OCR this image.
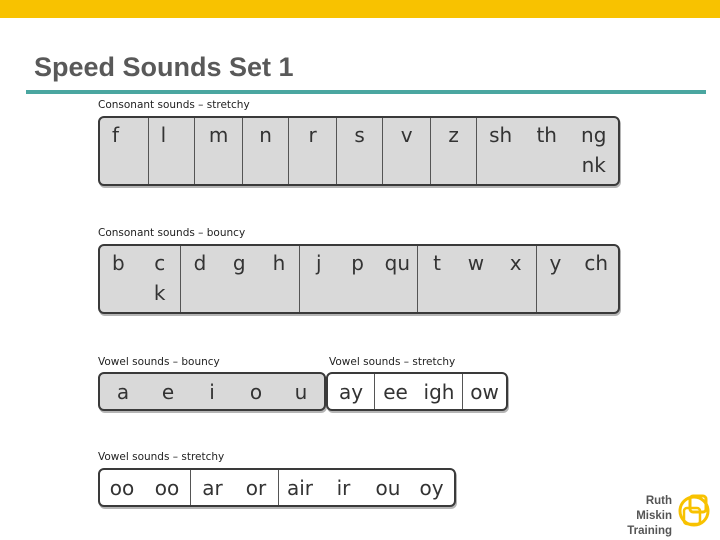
Speed Sounds Set 1
Consonant sounds – stretchy
f l m n r s v z sh th ng
nk
Consonant sounds – bouncy
b c
k
d g h j p qu t w x y ch
Vowel sounds – bouncy
a e i o u
Vowel sounds – stretchy
ay ee igh ow
Vowel sounds – stretchy
oo oo ar or air ir ou oy
Ruth Miskin
Training
